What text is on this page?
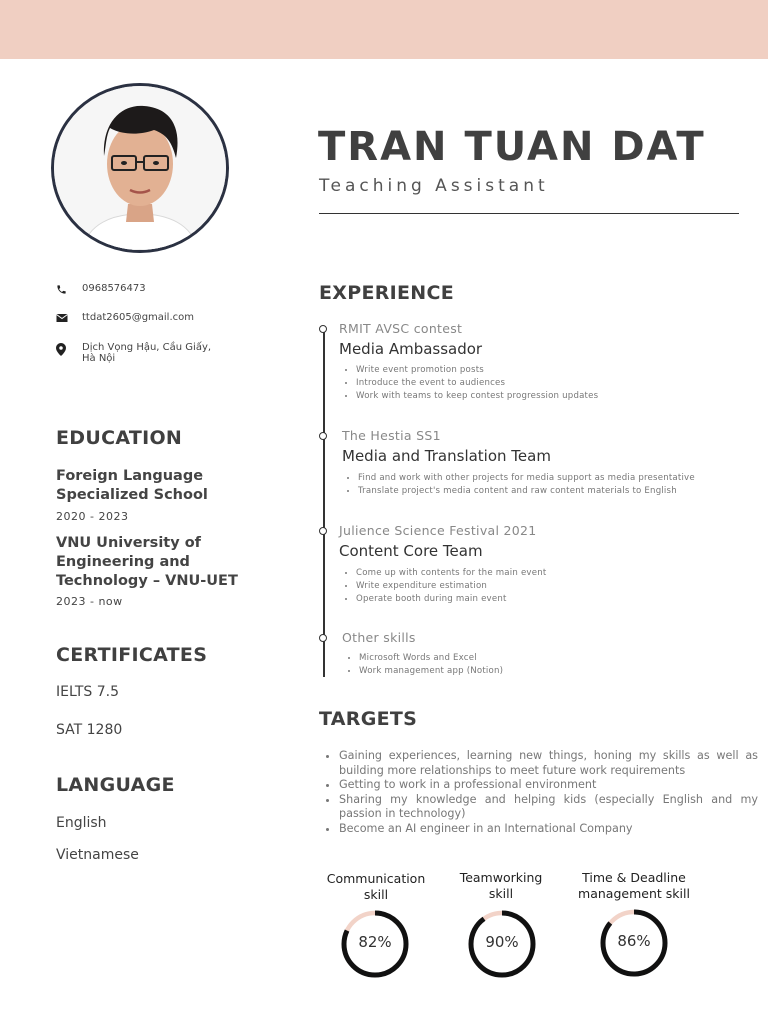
TRAN TUAN DAT
Teaching Assistant
0968576473
ttdat2605@gmail.com
Dịch Vọng Hậu, Cầu Giấy,
Hà Nội
EDUCATION
Foreign Language
Specialized School
2020 - 2023
VNU University of
Engineering and
Technology – VNU-UET
2023 - now
CERTIFICATES
IELTS 7.5
SAT 1280
LANGUAGE
English
Vietnamese
EXPERIENCE
RMIT AVSC contest
Media Ambassador
• Write event promotion posts
• Introduce the event to audiences
• Work with teams to keep contest progression updates
The Hestia SS1
Media and Translation Team
• Find and work with other projects for media support as media presentative
• Translate project's media content and raw content materials to English
Julience Science Festival 2021
Content Core Team
• Come up with contents for the main event
• Write expenditure estimation
• Operate booth during main event
Other skills
• Microsoft Words and Excel
• Work management app (Notion)
TARGETS
• Gaining experiences, learning new things, honing my skills as well as building more relationships to meet future work requirements
• Getting to work in a professional environment
• Sharing my knowledge and helping kids (especially English and my passion in technology)
• Become an AI engineer in an International Company
Communication
skill
82%
Teamworking
skill
90%
Time & Deadline
management skill
86%
